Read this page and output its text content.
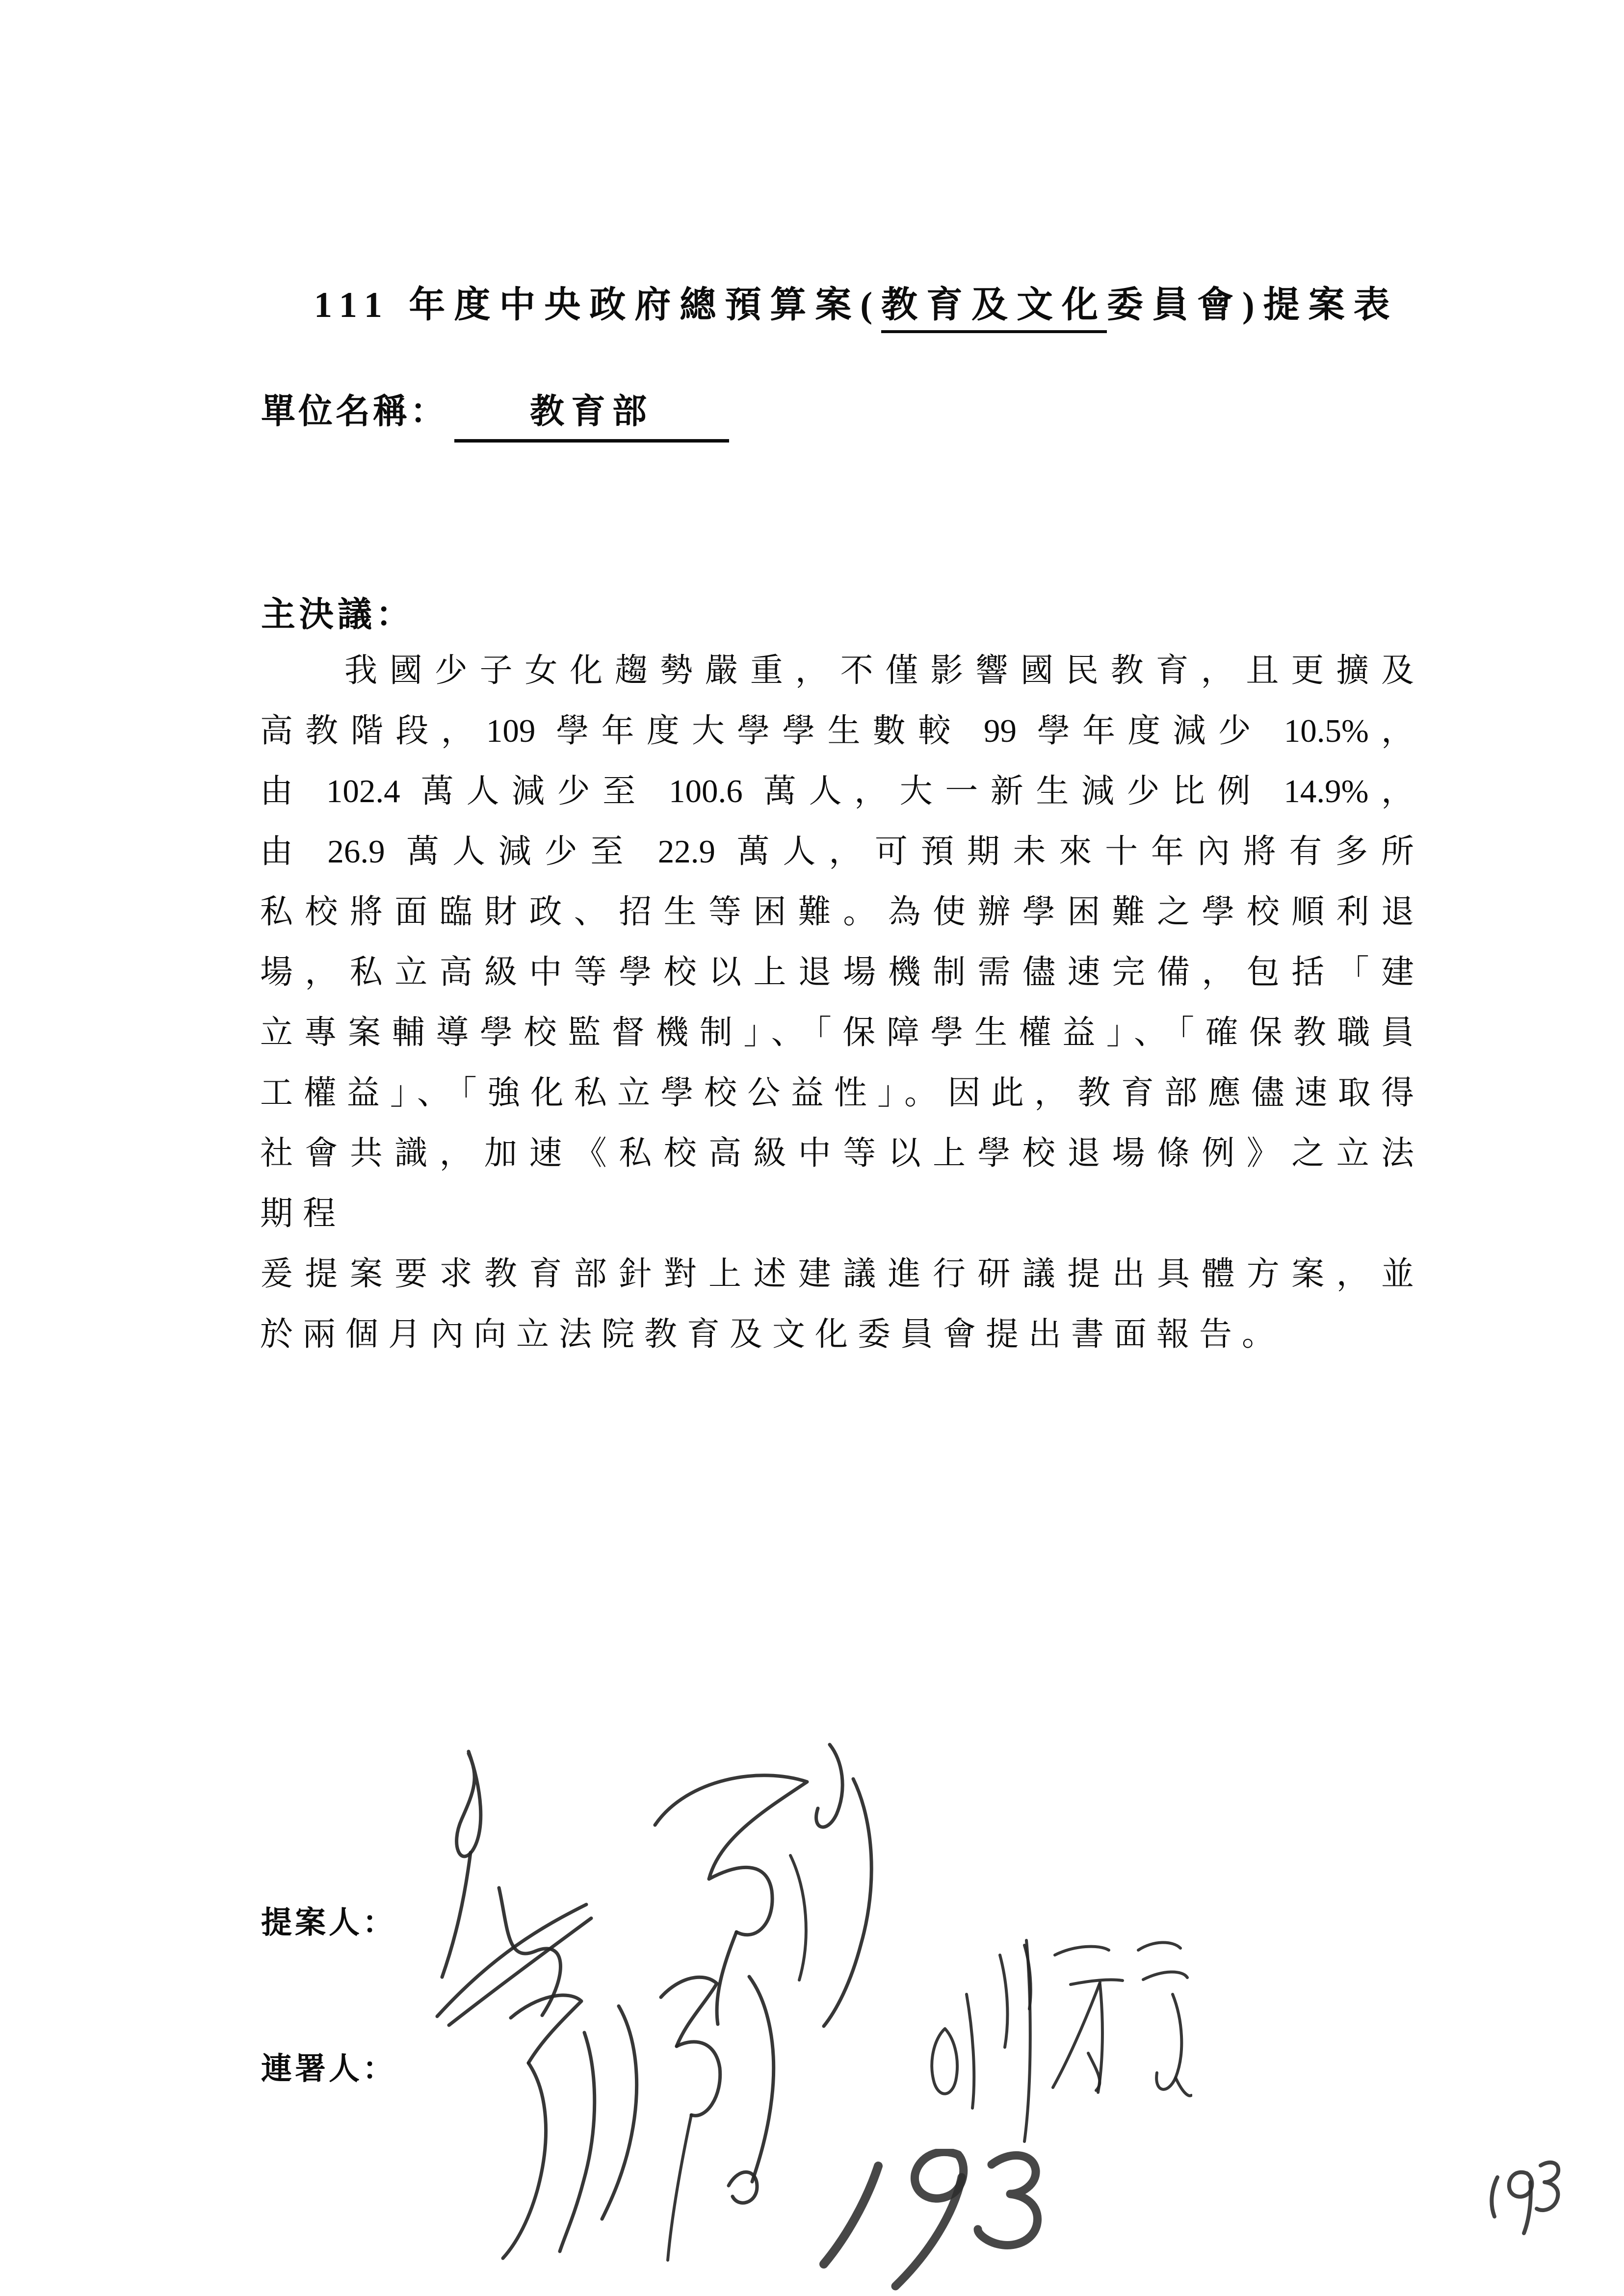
111 年度中央政府總預算案(教育及文化委員會)提案表
單位名稱： 教育部
主決議：
我國少子女化趨勢嚴重，不僅影響國民教育，且更擴及
高教階段，109 學年度大學學生數較 99 學年度減少 10.5%，
由 102.4 萬人減少至 100.6 萬人，大一新生減少比例 14.9%，
由 26.9 萬人減少至 22.9 萬人，可預期未來十年內將有多所
私校將面臨財政、招生等困難。為使辦學困難之學校順利退
場，私立高級中等學校以上退場機制需儘速完備，包括「建
立專案輔導學校監督機制」、「保障學生權益」、「確保教職員
工權益」、「強化私立學校公益性」。因此，教育部應儘速取得
社會共識，加速《私校高級中等以上學校退場條例》之立法
期程
爰提案要求教育部針對上述建議進行研議提出具體方案，並
於兩個月內向立法院教育及文化委員會提出書面報告。
提案人：
連署人：
